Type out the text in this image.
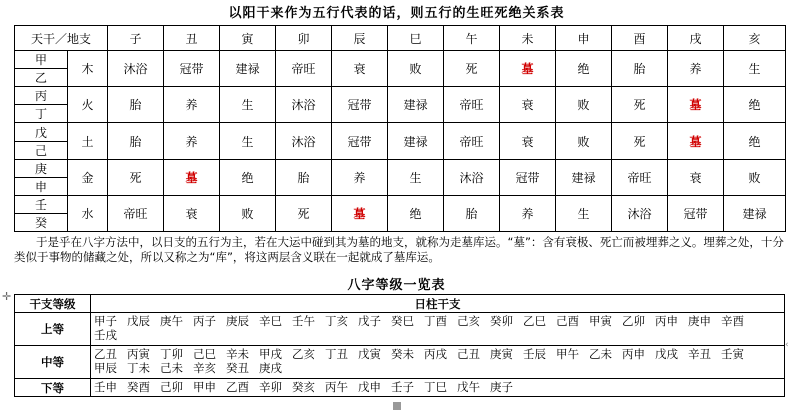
以阳干来作为五行代表的话，则五行的生旺死绝关系表
天干／地支		子	丑	寅	卯	辰	巳	午	未	申	酉	戌	亥

甲
乙	木	沐浴	冠带	建禄	帝旺	衰	败	死	墓	绝	胎	养	生

丙
丁	火	胎	养	生	沐浴	冠带	建禄	帝旺	衰	败	死	墓	绝

戊
己	土	胎	养	生	沐浴	冠带	建禄	帝旺	衰	败	死	墓	绝

庚
申	金	死	墓	绝	胎	养	生	沐浴	冠带	建禄	帝旺	衰	败

壬
癸	水	帝旺	衰	败	死	墓	绝	胎	养	生	沐浴	冠带	建禄
于是乎在八字方法中，以日支的五行为主，若在大运中碰到其为墓的地支，就称为走墓库运。“墓”：含有衰极、死亡而被埋葬之义。埋葬之处，十分类似于事物的储藏之处，所以又称之为“库”，将这两层含义联在一起就成了墓库运。
八字等级一览表
✛ 干支等级	日柱干支
上等	甲子 戊辰 庚午 丙子 庚辰 辛巳 壬午 丁亥 戊子 癸巳 丁酉 己亥 癸卯 乙巳 己酉 甲寅 乙卯 丙申 庚申 辛酉壬戌

中等	乙丑 丙寅 丁卯 己巳 辛未 甲戌 乙亥 丁丑 戊寅 癸未 丙戌 己丑 庚寅 壬辰 甲午 乙未 丙申 戊戌 辛丑 壬寅甲辰 丁未 己未 辛亥 癸丑 庚戌

下等	壬申 癸酉 己卯 甲申 乙酉 辛卯 癸亥 丙午 戊申 壬子 丁巳 戊午 庚子
‹
